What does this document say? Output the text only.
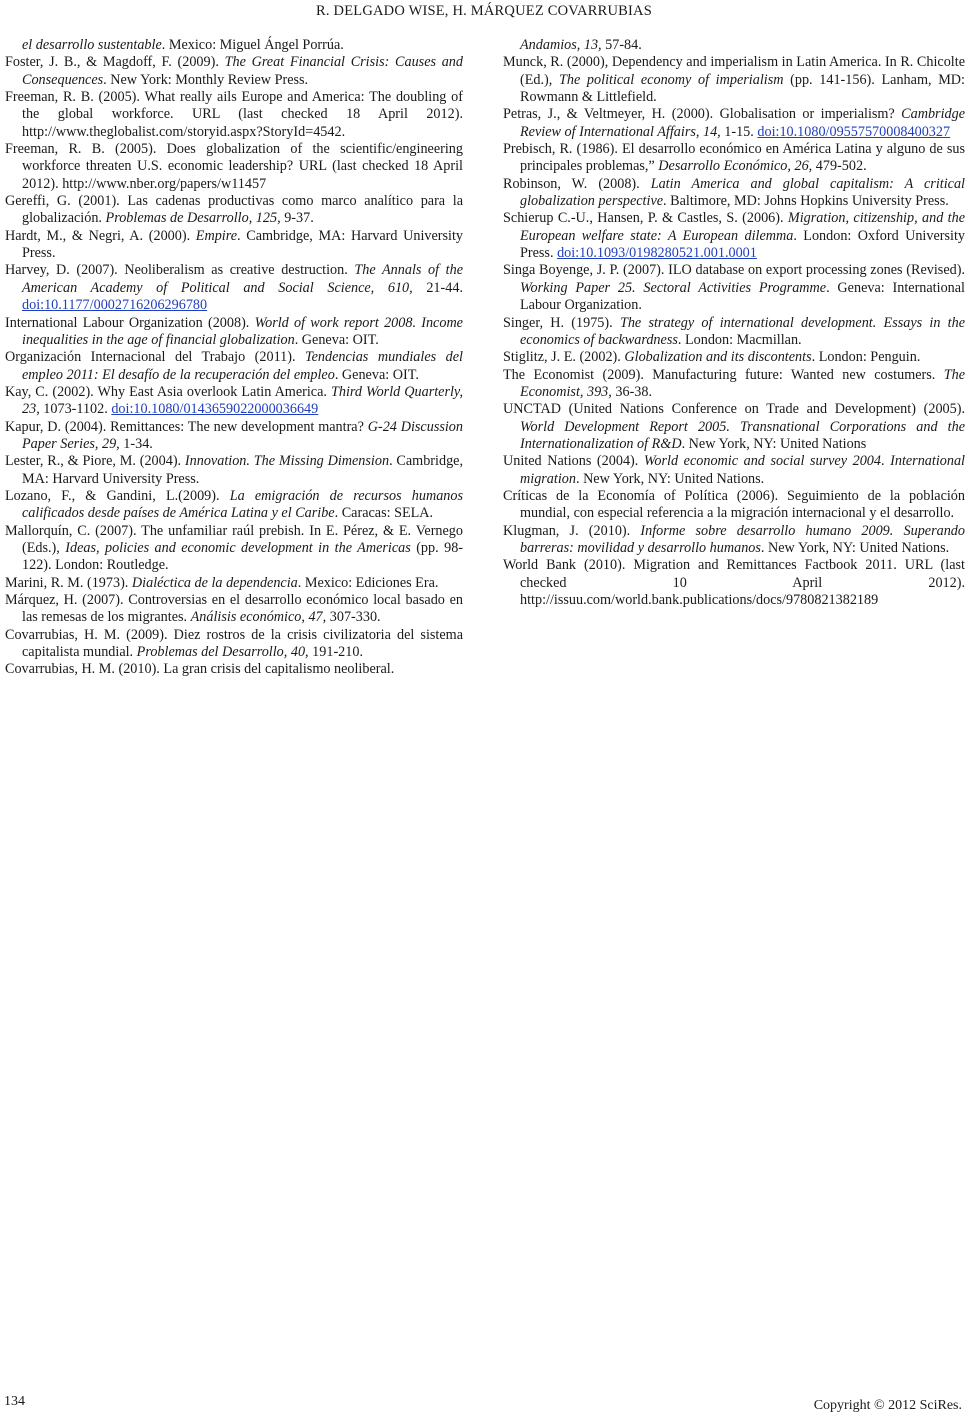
R. DELGADO WISE, H. MÁRQUEZ COVARRUBIAS

el desarrollo sustentable. Mexico: Miguel Ángel Porrúa.

Foster, J. B., & Magdoff, F. (2009). The Great Financial Crisis: Causes and Consequences. New York: Monthly Review Press.

Freeman, R. B. (2005). What really ails Europe and America: The doubling of the global workforce. URL (last checked 18 April 2012). http://www.theglobalist.com/storyid.aspx?StoryId=4542.

Freeman, R. B. (2005). Does globalization of the scientific/engineering workforce threaten U.S. economic leadership? URL (last checked 18 April 2012). http://www.nber.org/papers/w11457

Gereffi, G. (2001). Las cadenas productivas como marco analítico para la globalización. Problemas de Desarrollo, 125, 9-37.

Hardt, M., & Negri, A. (2000). Empire. Cambridge, MA: Harvard University Press.

Harvey, D. (2007). Neoliberalism as creative destruction. The Annals of the American Academy of Political and Social Science, 610, 21-44. doi:10.1177/0002716206296780

International Labour Organization (2008). World of work report 2008. Income inequalities in the age of financial globalization. Geneva: OIT.

Organización Internacional del Trabajo (2011). Tendencias mundiales del empleo 2011: El desafío de la recuperación del empleo. Geneva: OIT.

Kay, C. (2002). Why East Asia overlook Latin America. Third World Quarterly, 23, 1073-1102. doi:10.1080/0143659022000036649

Kapur, D. (2004). Remittances: The new development mantra? G-24 Discussion Paper Series, 29, 1-34.

Lester, R., & Piore, M. (2004). Innovation. The Missing Dimension. Cambridge, MA: Harvard University Press.

Lozano, F., & Gandini, L.(2009). La emigración de recursos humanos calificados desde países de América Latina y el Caribe. Caracas: SELA.

Mallorquín, C. (2007). The unfamiliar raúl prebish. In E. Pérez, & E. Vernego (Eds.), Ideas, policies and economic development in the Americas (pp. 98-122). London: Routledge.

Marini, R. M. (1973). Dialéctica de la dependencia. Mexico: Ediciones Era.

Márquez, H. (2007). Controversias en el desarrollo económico local basado en las remesas de los migrantes. Análisis económico, 47, 307-330.

Covarrubias, H. M. (2009). Diez rostros de la crisis civilizatoria del sistema capitalista mundial. Problemas del Desarrollo, 40, 191-210.

Covarrubias, H. M. (2010). La gran crisis del capitalismo neoliberal.

Andamios, 13, 57-84.

Munck, R. (2000), Dependency and imperialism in Latin America. In R. Chicolte (Ed.), The political economy of imperialism (pp. 141-156). Lanham, MD: Rowmann & Littlefield.

Petras, J., & Veltmeyer, H. (2000). Globalisation or imperialism? Cambridge Review of International Affairs, 14, 1-15. doi:10.1080/09557570008400327

Prebisch, R. (1986). El desarrollo económico en América Latina y alguno de sus principales problemas,” Desarrollo Económico, 26, 479-502.

Robinson, W. (2008). Latin America and global capitalism: A critical globalization perspective. Baltimore, MD: Johns Hopkins University Press.

Schierup C.-U., Hansen, P. & Castles, S. (2006). Migration, citizenship, and the European welfare state: A European dilemma. London: Oxford University Press. doi:10.1093/0198280521.001.0001

Singa Boyenge, J. P. (2007). ILO database on export processing zones (Revised). Working Paper 25. Sectoral Activities Programme. Geneva: International Labour Organization.

Singer, H. (1975). The strategy of international development. Essays in the economics of backwardness. London: Macmillan.

Stiglitz, J. E. (2002). Globalization and its discontents. London: Penguin.

The Economist (2009). Manufacturing future: Wanted new costumers. The Economist, 393, 36-38.

UNCTAD (United Nations Conference on Trade and Development) (2005). World Development Report 2005. Transnational Corporations and the Internationalization of R&D. New York, NY: United Nations

United Nations (2004). World economic and social survey 2004. International migration. New York, NY: United Nations.

Críticas de la Economía of Política (2006). Seguimiento de la población mundial, con especial referencia a la migración internacional y el desarrollo.

Klugman, J. (2010). Informe sobre desarrollo humano 2009. Superando barreras: movilidad y desarrollo humanos. New York, NY: United Nations.

World Bank (2010). Migration and Remittances Factbook 2011. URL (last checked 10 April 2012). http://issuu.com/world.bank.publications/docs/9780821382189

134	Copyright © 2012 SciRes.
